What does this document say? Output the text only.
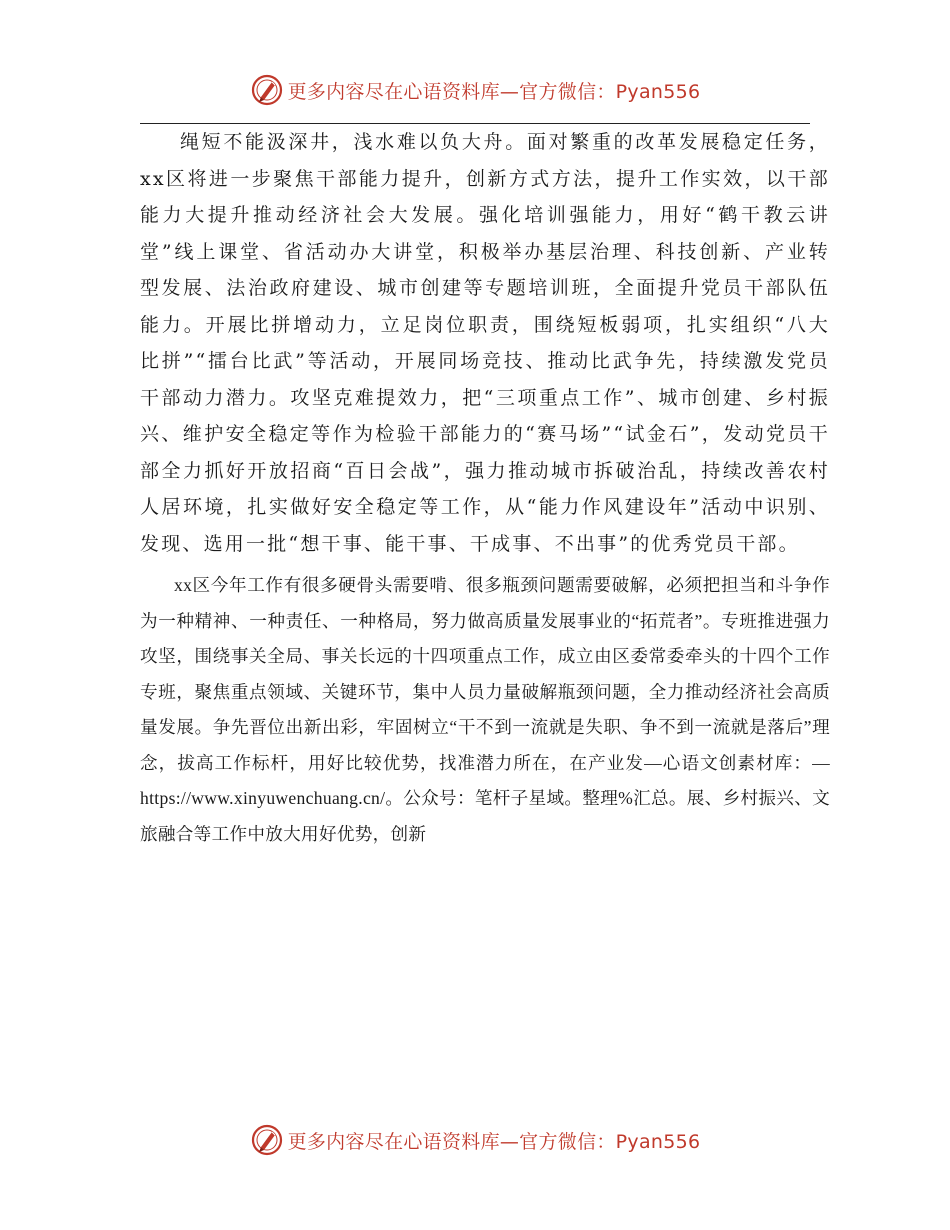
更多内容尽在心语资料库—官方微信：Pyan556

绳短不能汲深井，浅水难以负大舟。面对繁重的改革发展稳定任务，xx区将进一步聚焦干部能力提升，创新方式方法，提升工作实效，以干部能力大提升推动经济社会大发展。强化培训强能力，用好“鹤干教云讲堂”线上课堂、省活动办大讲堂，积极举办基层治理、科技创新、产业转型发展、法治政府建设、城市创建等专题培训班，全面提升党员干部队伍能力。开展比拼增动力，立足岗位职责，围绕短板弱项，扎实组织“八大比拼”“擂台比武”等活动，开展同场竞技、推动比武争先，持续激发党员干部动力潜力。攻坚克难提效力，把“三项重点工作”、城市创建、乡村振兴、维护安全稳定等作为检验干部能力的“赛马场”“试金石”，发动党员干部全力抓好开放招商“百日会战”，强力推动城市拆破治乱，持续改善农村人居环境，扎实做好安全稳定等工作，从“能力作风建设年”活动中识别、发现、选用一批“想干事、能干事、干成事、不出事”的优秀党员干部。

xx区今年工作有很多硬骨头需要啃、很多瓶颈问题需要破解，必须把担当和斗争作为一种精神、一种责任、一种格局，努力做高质量发展事业的“拓荒者”。专班推进强力攻坚，围绕事关全局、事关长远的十四项重点工作，成立由区委常委牵头的十四个工作专班，聚焦重点领域、关键环节，集中人员力量破解瓶颈问题，全力推动经济社会高质量发展。争先晋位出新出彩，牢固树立“干不到一流就是失职、争不到一流就是落后”理念，拔高工作标杆，用好比较优势，找准潜力所在，在产业发—心语文创素材库：—https://www.xinyuwenchuang.cn/。公众号：笔杆子星域。整理%汇总。展、乡村振兴、文旅融合等工作中放大用好优势，创新

更多内容尽在心语资料库—官方微信：Pyan556
